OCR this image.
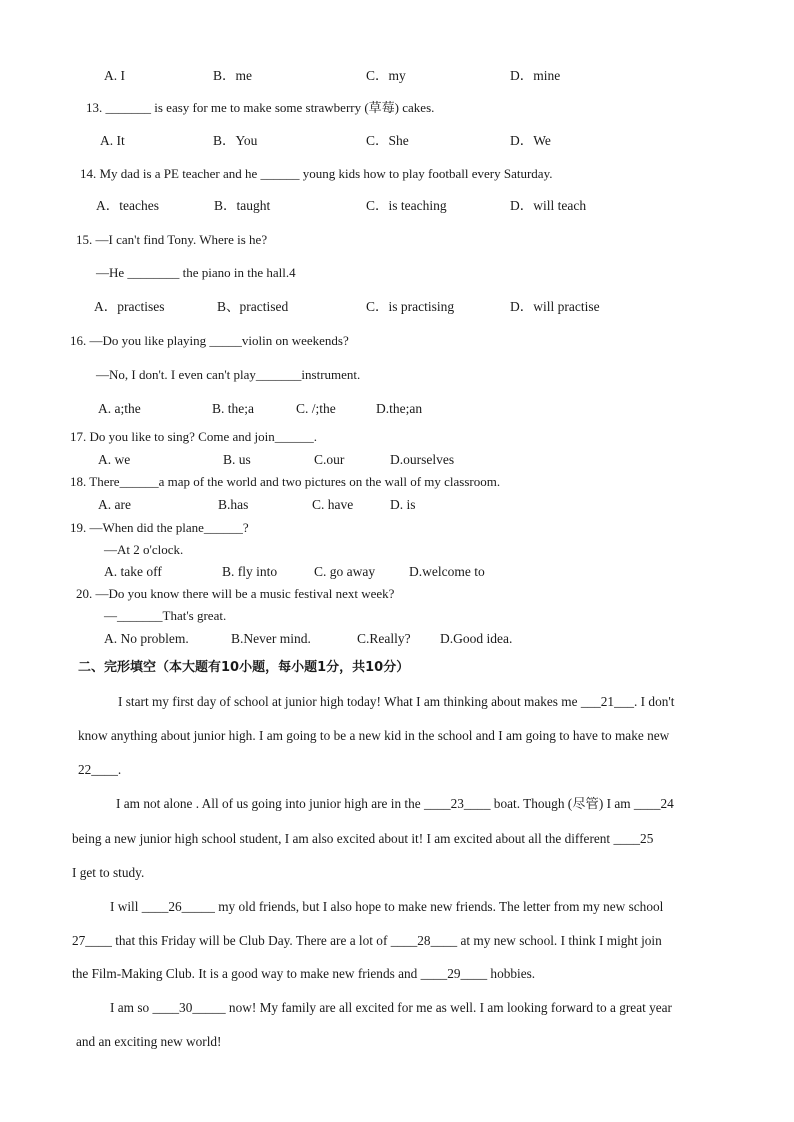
A. I	B．me	C．my	D．mine
13. _______ is easy for me to make some strawberry (草莓) cakes.
A. It	B．You	C．She	D．We
14. My dad is a PE teacher and he ______ young kids how to play football every Saturday.
A．teaches	B．taught	C．is teaching	D．will teach
15. —I can't find Tony. Where is he?
—He ________ the piano in the hall.4
A．practises	B、practised	C．is practising	D．will practise
16. —Do you like playing _____violin on weekends?
—No, I don't. I even can't play_______instrument.
A. a;the	B. the;a	C. /;the	D.the;an
17. Do you like to sing? Come and join______.
A. we	B. us	C.our	D.ourselves
18. There______a map of the world and two pictures on the wall of my classroom.
A. are	B.has	C. have	D. is
19. —When did the plane______?
—At 2 o'clock.
A. take off	B. fly into	C. go away	D.welcome to
20. —Do you know there will be a music festival next week?
—_______That's great.
A. No problem.	B.Never mind.	C.Really? D.Good idea.
二、完形填空（本大题有10小题，每小题1分，共10分）
I start my first day of school at junior high today! What I am thinking about makes me ___21___. I don't
know anything about junior high. I am going to be a new kid in the school and I am going to have to make new
22____.
I am not alone . All of us going into junior high are in the ____23____ boat. Though (尽管) I am ____24
being a new junior high school student, I am also excited about it! I am excited about all the different ____25
I get to study.
I will ____26_____ my old friends, but I also hope to make new friends. The letter from my new school
27____ that this Friday will be Club Day. There are a lot of ____28____ at my new school. I think I might join
the Film-Making Club. It is a good way to make new friends and ____29____ hobbies.
I am so ____30_____ now! My family are all excited for me as well. I am looking forward to a great year
and an exciting new world!
